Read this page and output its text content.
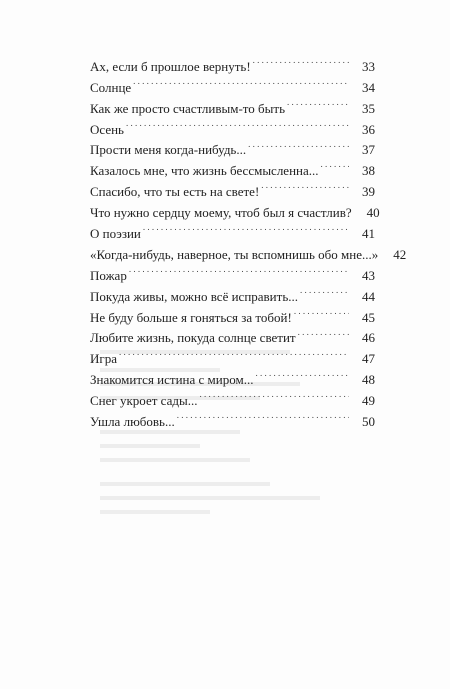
Ах, если б прошлое вернуть! . . .	33
Солнце . . .	34
Как же просто счастливым-то быть . . .	35
Осень . . .	36
Прости меня когда-нибудь... . . .	37
Казалось мне, что жизнь бессмысленна... . . .	38
Спасибо, что ты есть на свете! . . .	39
Что нужно сердцу моему, чтоб был я счастлив?	40
О поэзии . . .	41
«Когда-нибудь, наверное, ты вспомнишь обо мне...»	42
Пожар . . .	43
Покуда живы, можно всё исправить... . . .	44
Не буду больше я гоняться за тобой! . . .	45
Любите жизнь, покуда солнце светит . . .	46
Игра . . .	47
Знакомится истина с миром... . . .	48
Снег укроет сады... . . .	49
Ушла любовь... . . .	50
